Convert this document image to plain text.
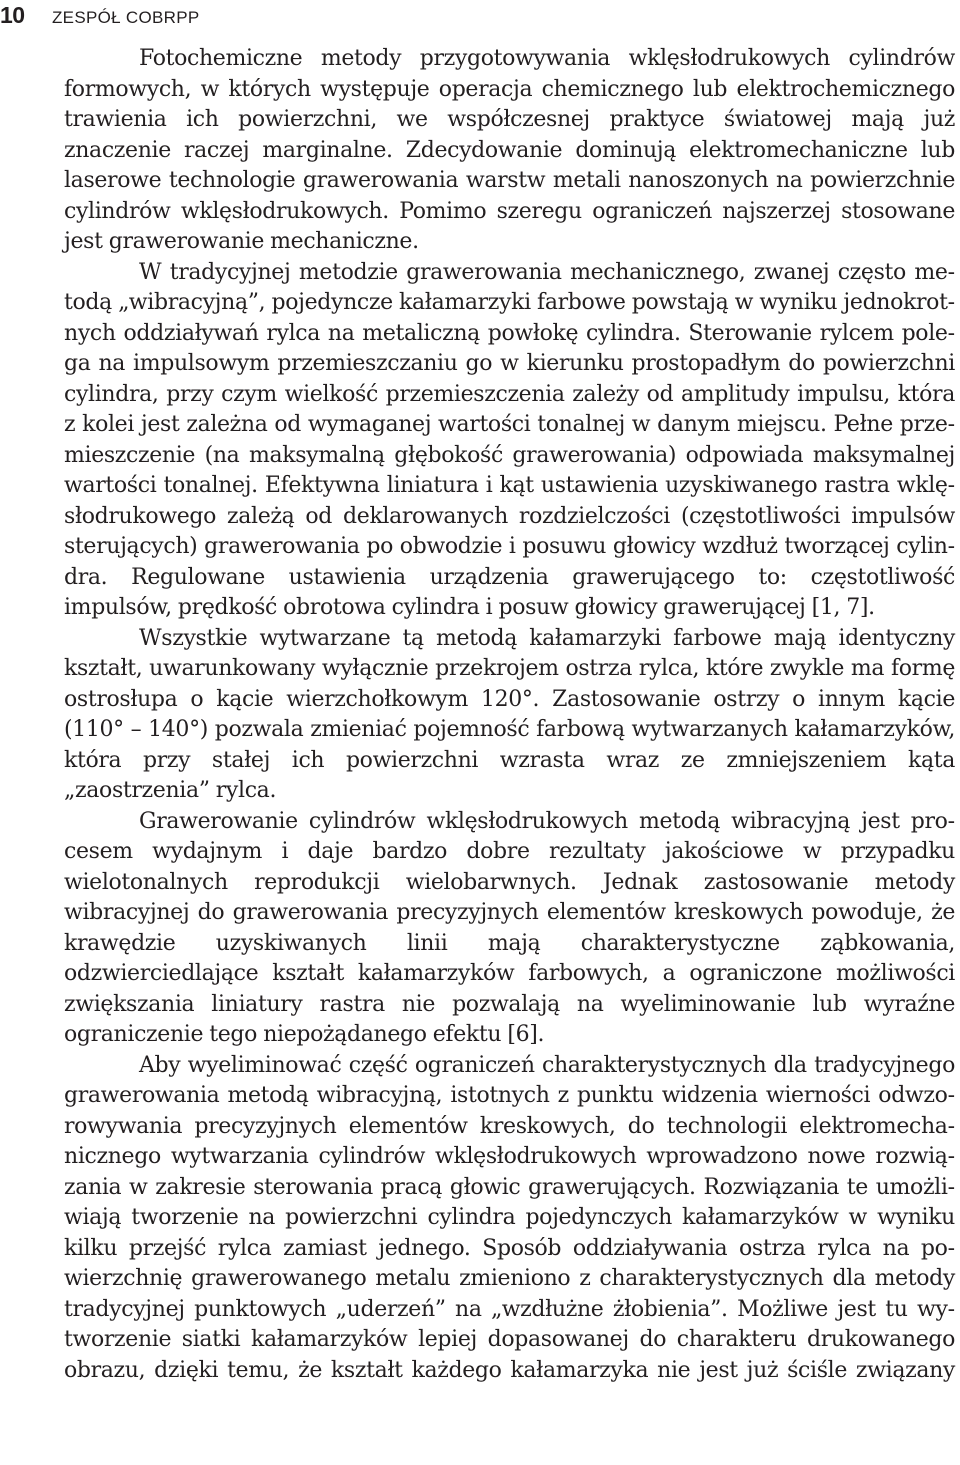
10	ZESPÓŁ COBRPP

Fotochemiczne metody przygotowywania wklęsłodrukowych cylindrów formowych, w których występuje operacja chemicznego lub elektrochemicznego trawienia ich powierzchni, we współczesnej praktyce światowej mają już znaczenie raczej marginalne. Zdecydowanie dominują elektromechaniczne lub laserowe technologie grawerowania warstw metali nanoszonych na powierzchnie cylindrów wklęsłodrukowych. Pomimo szeregu ograniczeń najszerzej stosowane jest grawerowanie mechaniczne.

W tradycyjnej metodzie grawerowania mechanicznego, zwanej często metodą „wibracyjną”, pojedyncze kałamarzyki farbowe powstają w wyniku jednokrotnych oddziaływań rylca na metaliczną powłokę cylindra. Sterowanie rylcem polega na impulsowym przemieszczaniu go w kierunku prostopadłym do powierzchni cylindra, przy czym wielkość przemieszczenia zależy od amplitudy impulsu, która z kolei jest zależna od wymaganej wartości tonalnej w danym miejscu. Pełne przemieszczenie (na maksymalną głębokość grawerowania) odpowiada maksymalnej wartości tonalnej. Efektywna liniatura i kąt ustawienia uzyskiwanego rastra wklęsłodrukowego zależą od deklarowanych rozdzielczości (częstotliwości impulsów sterujących) grawerowania po obwodzie i posuwu głowicy wzdłuż tworzącej cylindra. Regulowane ustawienia urządzenia grawerującego to: częstotliwość impulsów, prędkość obrotowa cylindra i posuw głowicy grawerującej [1, 7].

Wszystkie wytwarzane tą metodą kałamarzyki farbowe mają identyczny kształt, uwarunkowany wyłącznie przekrojem ostrza rylca, które zwykle ma formę ostrosłupa o kącie wierzchołkowym 120°. Zastosowanie ostrzy o innym kącie (110° – 140°) pozwala zmieniać pojemność farbową wytwarzanych kałamarzyków, która przy stałej ich powierzchni wzrasta wraz ze zmniejszeniem kąta „zaostrzenia” rylca.

Grawerowanie cylindrów wklęsłodrukowych metodą wibracyjną jest procesem wydajnym i daje bardzo dobre rezultaty jakościowe w przypadku wielotonalnych reprodukcji wielobarwnych. Jednak zastosowanie metody wibracyjnej do grawerowania precyzyjnych elementów kreskowych powoduje, że krawędzie uzyskiwanych linii mają charakterystyczne ząbkowania, odzwierciedlające kształt kałamarzyków farbowych, a ograniczone możliwości zwiększania liniatury rastra nie pozwalają na wyeliminowanie lub wyraźne ograniczenie tego niepożądanego efektu [6].

Aby wyeliminować część ograniczeń charakterystycznych dla tradycyjnego grawerowania metodą wibracyjną, istotnych z punktu widzenia wierności odwzorowywania precyzyjnych elementów kreskowych, do technologii elektromechanicznego wytwarzania cylindrów wklęsłodrukowych wprowadzono nowe rozwiązania w zakresie sterowania pracą głowic grawerujących. Rozwiązania te umożliwiają tworzenie na powierzchni cylindra pojedynczych kałamarzyków w wyniku kilku przejść rylca zamiast jednego. Sposób oddziaływania ostrza rylca na powierzchnię grawerowanego metalu zmieniono z charakterystycznych dla metody tradycyjnej punktowych „uderzeń” na „wzdłużne żłobienia”. Możliwe jest tu wytworzenie siatki kałamarzyków lepiej dopasowanej do charakteru drukowanego obrazu, dzięki temu, że kształt każdego kałamarzyka nie jest już ściśle związany
